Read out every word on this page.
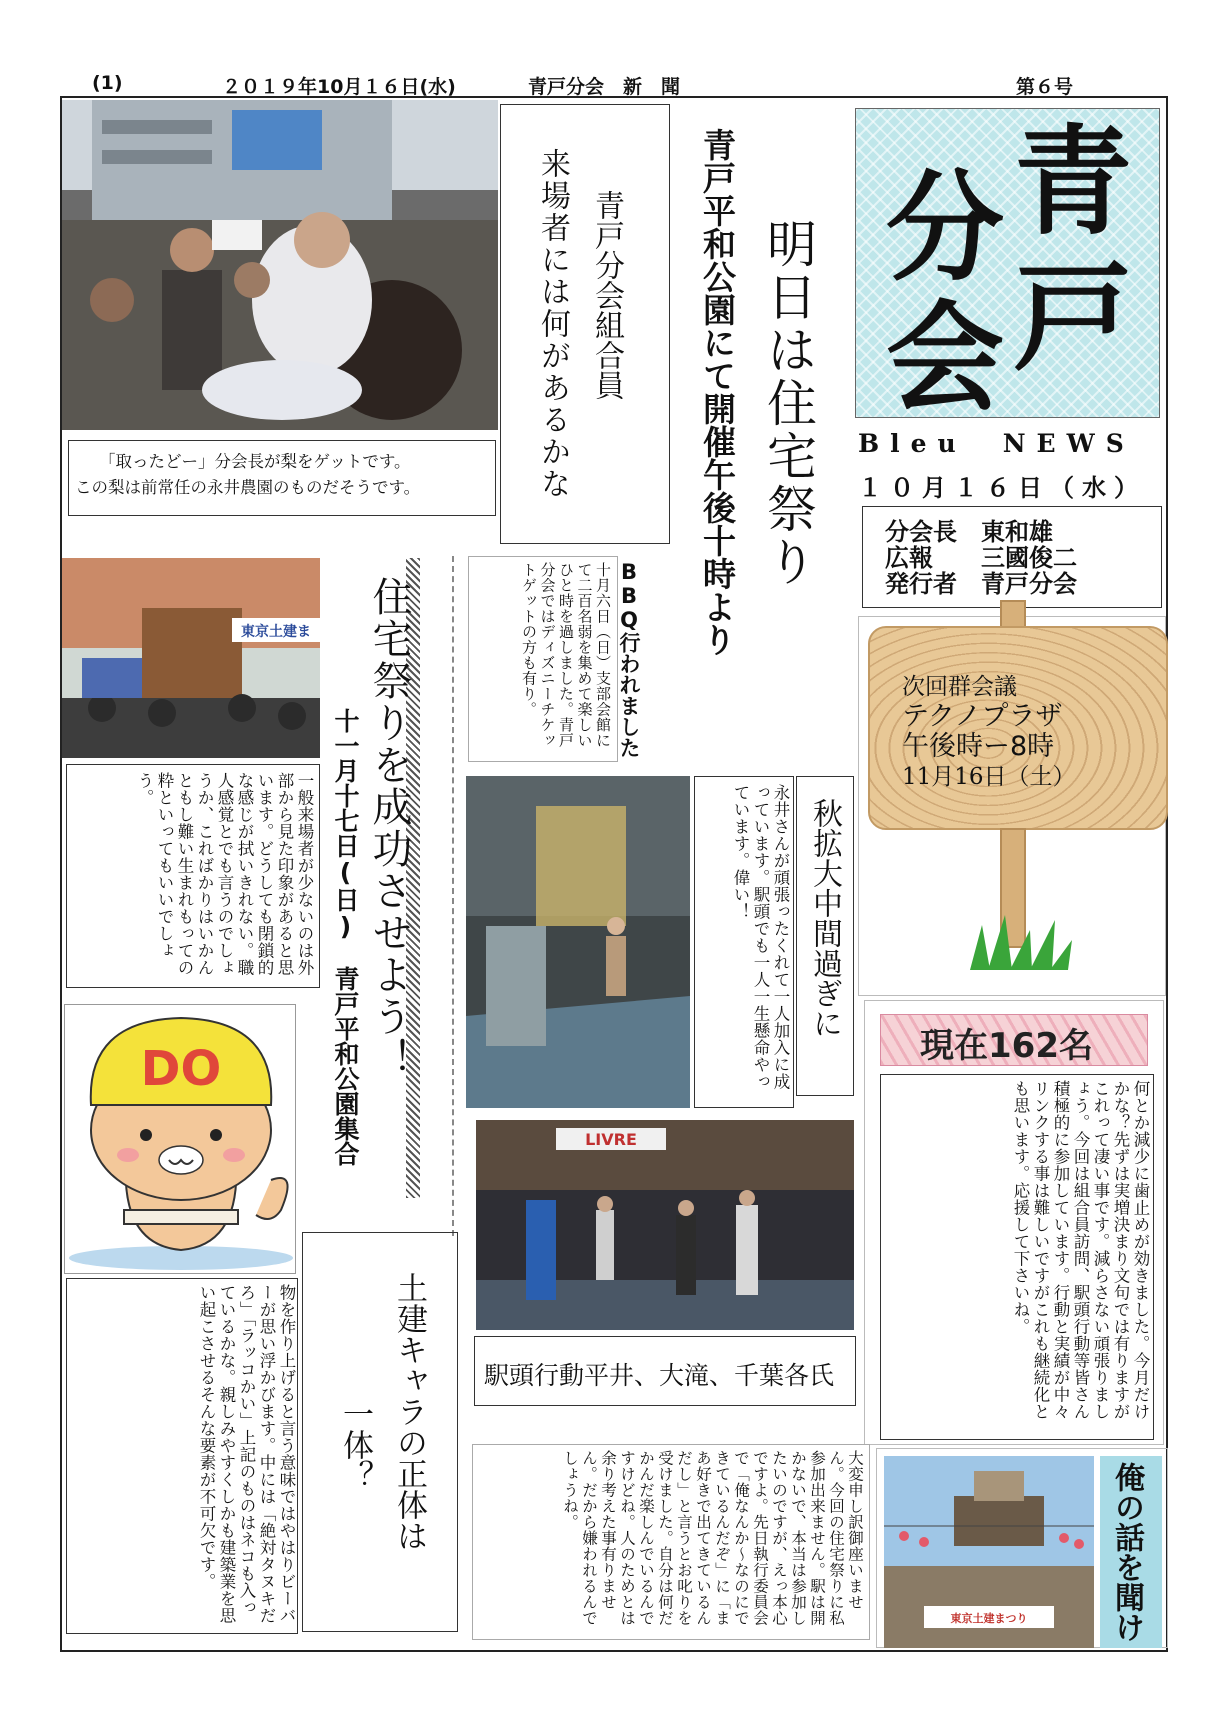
(1)	２０１９年10月１６日(水)	青戸分会　新　聞	第６号
「取ったどー」分会長が梨をゲットです。
この梨は前常任の永井農園のものだそうです。
青戸分会組合員
来場者には何があるかな	明日は住宅祭り
青戸平和公園にて開催午後十時より 青
戸
分
会
Bleu　NEWS
１０月１６日（水）
分会長　東和雄
広報　　三國俊二
発行者　青戸分会
次回群会議
テクノプラザ
午後時ー8時
11月16日（土）
現在162名
何とか減少に歯止めが効きました。今月だけかな？先ずは実増決まり文句では有りますがこれって凄い事です。減らさない頑張りましょう。今回は組合員訪問、駅頭行動等皆さん積極的に参加しています。行動と実績が中々リンクする事は難しいですがこれも継続化とも思います。応援して下さいね。
東京土建まつり	俺の話を聞け
東京土建ま
一般来場者が少ないのは外部から見た印象があると思います。どうしても閉鎖的な感じが拭いきれない。職人感覚とでも言うのでしょうか、こればかりはいかんともし難い生まれもっての粋といってもいいでしょう。	住宅祭りを成功させよう！
十一月十七日(日)　青戸平和公園集合
十月六日（日）支部会館にて二百名弱を集めて楽しいひと時を過しました。青戸分会ではディズニーチケットゲットの方も有り。	BBQ行われました
永井さんが頑張ったくれて一人加入に成っています。駅頭でも一人一生懸命やっています。偉い！	秋拡大中間過ぎに
LIVRE
駅頭行動平井、大滝、千葉各氏
大変申し訳御座いません。今回の住宅祭りに私参加出来ません。駅は開かないで、本当は参加したいのですが、えっ本心ですよ。先日執行委員会で「俺なんか～なのにできているんだぞ」に「まあ好きで出てきているんだし」と言うとお叱りを受けました。自分は何だかんだ楽しんでいるんですけどね。人のためとは余り考えた事有りません。だから嫌われるんでしょうね。
DO
物を作り上げると言う意味ではやはりビーバーが思い浮かびます。中には「絶対タヌキだろ」「ラッコかい」上記のものはネコも入っているかな。親しみやすくしかも建築業を思い起こさせるそんな要素が不可欠です。	土建キャラの正体は
一体？
